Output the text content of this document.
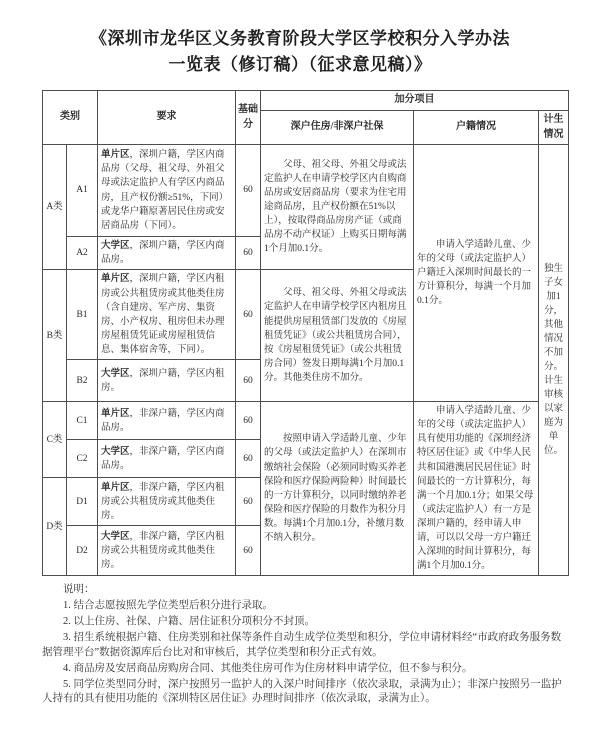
《深圳市龙华区义务教育阶段大学区学校积分入学办法一览表（修订稿）（征求意见稿）》
类别		要求	基础分	加分项目		
				深户住房/非深户社保	户籍情况	计生情况
A类	A1	单片区，深圳户籍，学区内商品房（父母、祖父母、外祖父母或法定监护人有学区内商品房，且产权份额≥51%，下同）或龙华户籍原著居民住房或安居商品房（下同）。	60	父母、祖父母、外祖父母或法定监护人在申请学校学区内自购商品房或安居商品房（要求为住宅用途商品房，且产权份额在51%以上），按取得商品房房产证（或商品房不动产权证）上购买日期每满1个月加0.1分。	申请入学适龄儿童、少年的父母（或法定监护人）户籍迁入深圳时间最长的一方计算积分，每满一个月加0.1分。	独生子女加1分，其他情况不加分。计生审核以家庭为单位。
	A2	大学区，深圳户籍，学区内商品房。	60			
B类	B1	单片区，深圳户籍，学区内租房或公共租赁房或其他类住房（含自建房、军产房、集资房、小产权房、租房但未办理房屋租赁凭证或房屋租赁信息、集体宿舍等，下同）。	60	父母、祖父母、外祖父母或法定监护人在申请学校学区内租房且能提供房屋租赁部门发放的《房屋租赁凭证》（或公共租赁房合同），按《房屋租赁凭证》（或公共租赁房合同）签发日期每满1个月加0.1分。其他类住房不加分。		
	B2	大学区，深圳户籍，学区内租房。	60			
C类	C1	单片区，非深户籍，学区内商品房。	60	按照申请入学适龄儿童、少年的父母（或法定监护人）在深圳市缴纳社会保险（必须同时购买养老保险和医疗保险两险种）时间最长的一方计算积分，以同时缴纳养老保险和医疗保险的月数作为积分月数。每满1个月加0.1分，补缴月数不纳入积分。	申请入学适龄儿童、少年的父母（或法定监护人）具有使用功能的《深圳经济特区居住证》或《中华人民共和国港澳居民居住证》时间最长的一方计算积分，每满一个月加0.1分；如果父母（或法定监护人）有一方是深圳户籍的，经申请人申请，可以以父母一方户籍迁入深圳的时间计算积分，每满1个月加0.1分。	
	C2	大学区，非深户籍，学区内商品房。	60			
D类	D1	单片区，非深户籍，学区内租房或公共租赁房或其他类住房。	60			
	D2	大学区，非深户籍，学区内租房或公共租赁房或其他类住房。	60			

说明：

1. 结合志愿按照先学位类型后积分进行录取。

2. 以上住房、社保、户籍、居住证积分项积分不封顶。

3. 招生系统根据户籍、住房类别和社保等条件自动生成学位类型和积分，学位申请材料经“市政府政务服务数据管理平台”数据资源库后台比对和审核后，其学位类型和积分正式有效。

4. 商品房及安居商品房购房合同、其他类住房可作为住房材料申请学位，但不参与积分。

5. 同学位类型同分时，深户按照另一监护人的入深户时间排序（依次录取，录满为止）；非深户按照另一监护人持有的具有使用功能的《深圳特区居住证》办理时间排序（依次录取，录满为止）。
